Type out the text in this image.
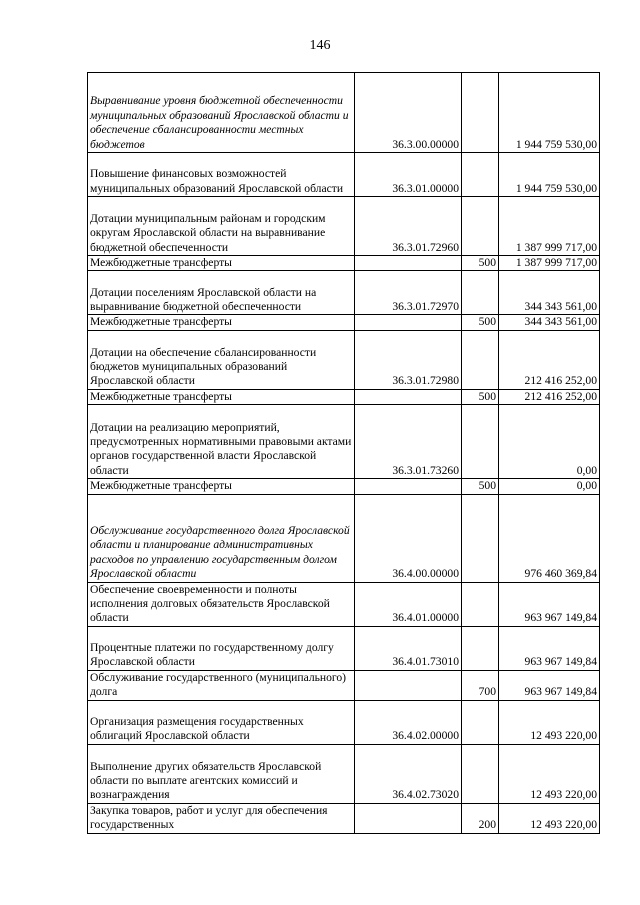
146
Выравнивание уровня бюджетной обеспеченности муниципальных образований Ярославской области и обеспечение сбалансированности местных бюджетов	36.3.00.00000		1 944 759 530,00
Повышение финансовых возможностей муниципальных образований Ярославской области	36.3.01.00000		1 944 759 530,00
Дотации муниципальным районам и городским округам Ярославской области на выравнивание бюджетной обеспеченности	36.3.01.72960		1 387 999 717,00
Межбюджетные трансферты		500	1 387 999 717,00
Дотации поселениям Ярославской области на выравнивание бюджетной обеспеченности	36.3.01.72970		344 343 561,00
Межбюджетные трансферты		500	344 343 561,00
Дотации на обеспечение сбалансированности бюджетов муниципальных образований Ярославской области	36.3.01.72980		212 416 252,00
Межбюджетные трансферты		500	212 416 252,00
Дотации на реализацию мероприятий, предусмотренных нормативными правовыми актами органов государственной власти Ярославской области	36.3.01.73260		0,00
Межбюджетные трансферты		500	0,00
Обслуживание государственного долга Ярославской области и планирование административных расходов по управлению государственным долгом Ярославской области	36.4.00.00000		976 460 369,84
Обеспечение своевременности и полноты исполнения долговых обязательств Ярославской области	36.4.01.00000		963 967 149,84
Процентные платежи по государственному долгу Ярославской области	36.4.01.73010		963 967 149,84
Обслуживание государственного (муниципального) долга		700	963 967 149,84
Организация размещения государственных облигаций Ярославской области	36.4.02.00000		12 493 220,00
Выполнение других обязательств Ярославской области по выплате агентских комиссий и вознаграждения	36.4.02.73020		12 493 220,00
Закупка товаров, работ и услуг для обеспечения государственных		200	12 493 220,00
